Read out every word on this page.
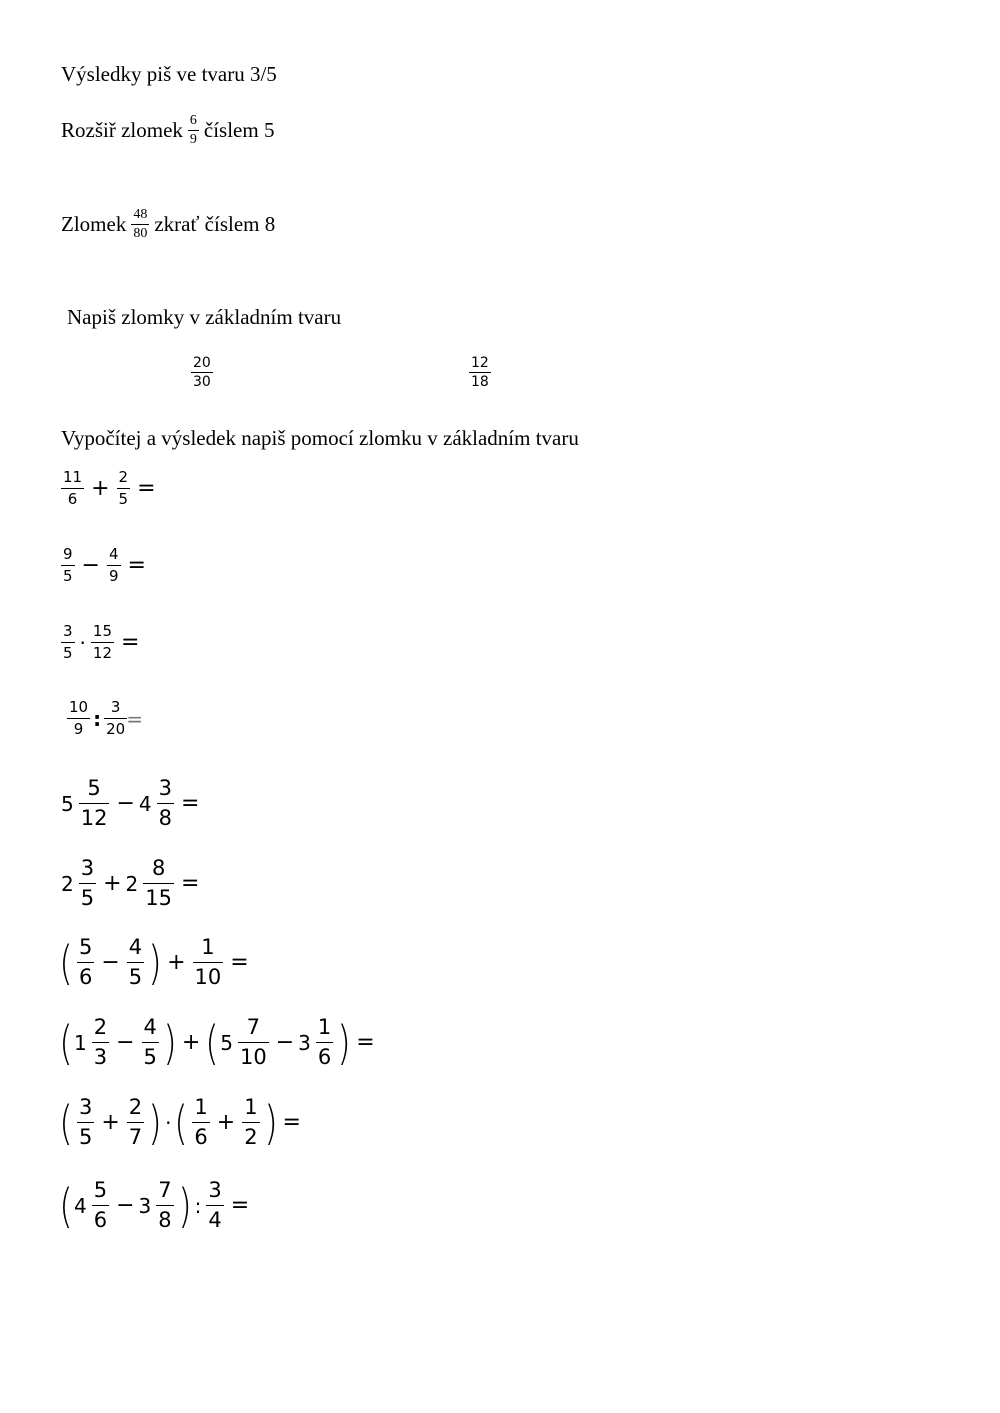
Výsledky piš ve tvaru 3/5
Rozšiř zlomek $\frac{6}{9}$ číslem 5
Zlomek $\frac{48}{80}$ zkrať číslem 8
Napiš zlomky v základním tvaru
$\frac{20}{30}$	$\frac{12}{18}$
Vypočítej a výsledek napiš pomocí zlomku v základním tvaru
$\frac{11}{6} + \frac{2}{5}$ =
$\frac{9}{5} - \frac{4}{9}$ =
$\frac{3}{5} \cdot \frac{15}{12}$ =
$\frac{10}{9}$ : $\frac{3}{20}$ =
$5 \frac{5}{12} - 4 \frac{3}{8}$ =
$2 \frac{3}{5} + 2 \frac{8}{15}$ =
( $\frac{5}{6} - \frac{4}{5}$ ) + $\frac{1}{10}$ =
( $1 \frac{2}{3} - \frac{4}{5}$ ) + ( $5 \frac{7}{10} - 3 \frac{1}{6}$ ) =
( $\frac{3}{5} + \frac{2}{7}$ ) · ( $\frac{1}{6} + \frac{1}{2}$ ) =
( $4 \frac{5}{6} - 3 \frac{7}{8}$ ) : $\frac{3}{4}$ =
